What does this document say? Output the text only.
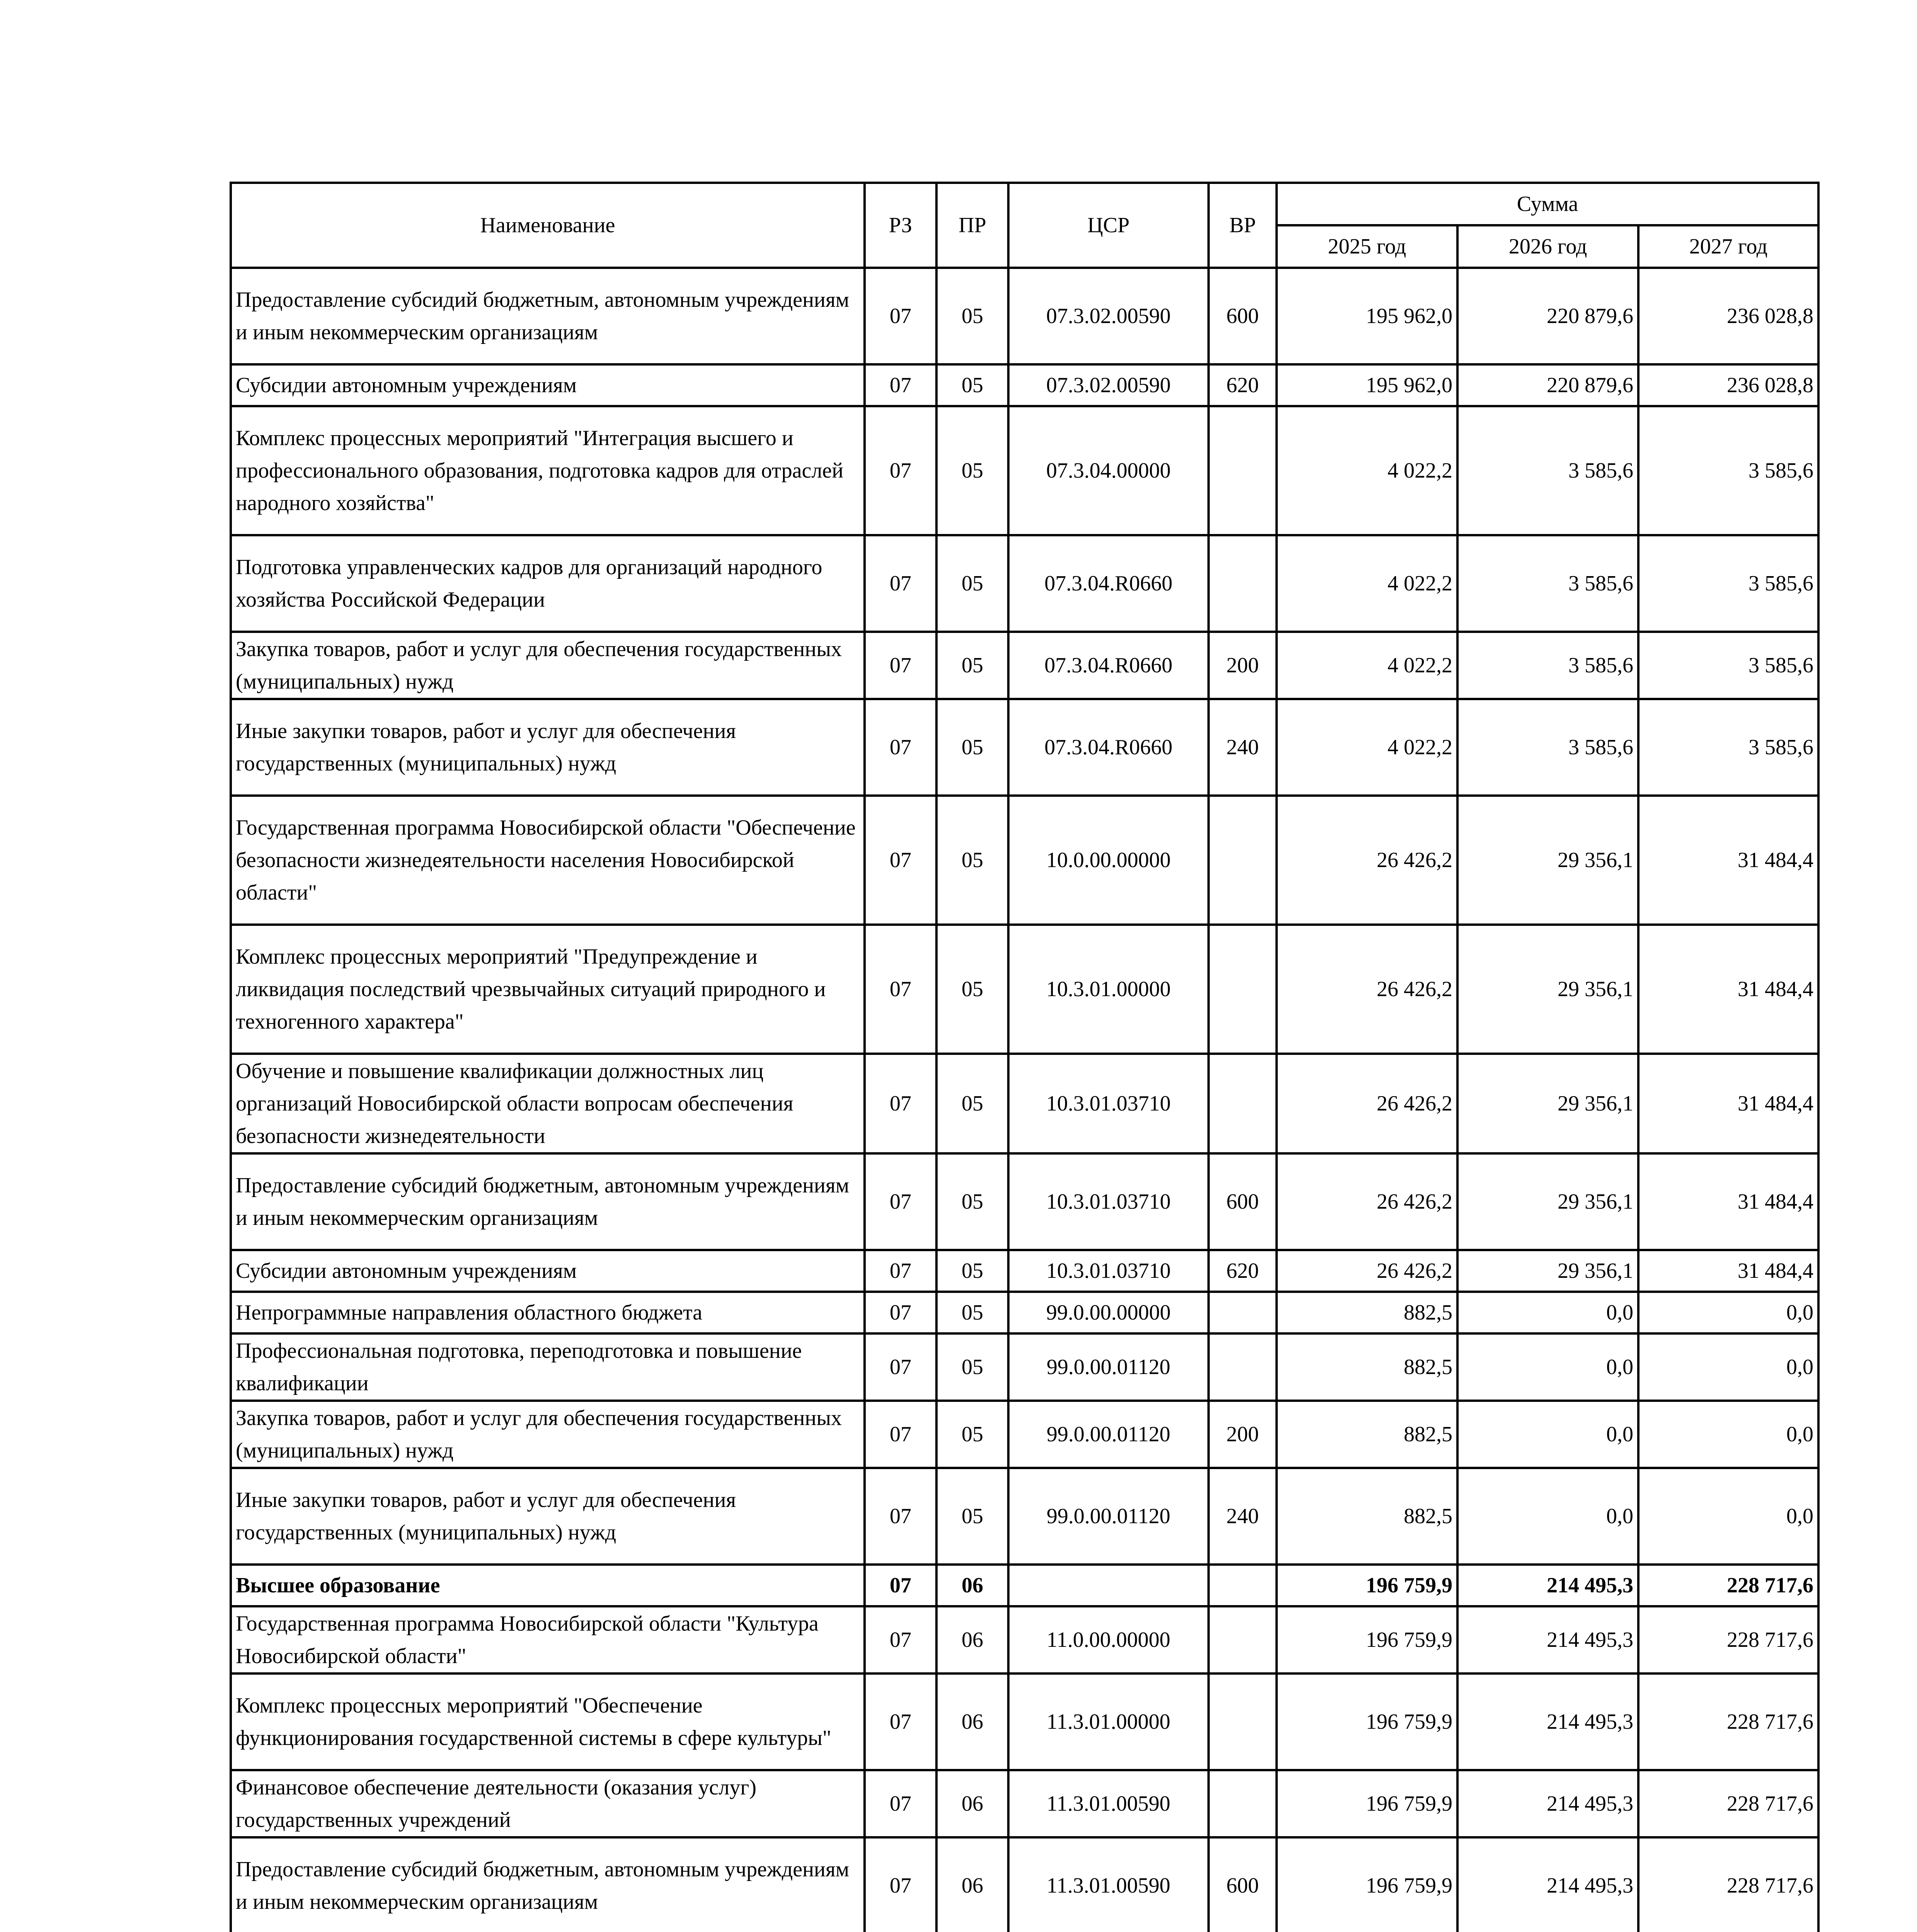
Наименование	РЗ	ПР	ЦСР	ВР	Сумма		
					2025 год	2026 год	2027 год
Предоставление субсидий бюджетным, автономным учреждениям и иным некоммерческим организациям	07	05	07.3.02.00590	600	195 962,0	220 879,6	236 028,8
Субсидии автономным учреждениям	07	05	07.3.02.00590	620	195 962,0	220 879,6	236 028,8
Комплекс процессных мероприятий "Интеграция высшего и профессионального образования, подготовка кадров для отраслей народного хозяйства"	07	05	07.3.04.00000		4 022,2	3 585,6	3 585,6
Подготовка управленческих кадров для организаций народного хозяйства Российской Федерации	07	05	07.3.04.R0660		4 022,2	3 585,6	3 585,6
Закупка товаров, работ и услуг для обеспечения государственных (муниципальных) нужд	07	05	07.3.04.R0660	200	4 022,2	3 585,6	3 585,6
Иные закупки товаров, работ и услуг для обеспечения государственных (муниципальных) нужд	07	05	07.3.04.R0660	240	4 022,2	3 585,6	3 585,6
Государственная программа Новосибирской области "Обеспечение безопасности жизнедеятельности населения Новосибирской области"	07	05	10.0.00.00000		26 426,2	29 356,1	31 484,4
Комплекс процессных мероприятий "Предупреждение и ликвидация последствий чрезвычайных ситуаций природного и техногенного характера"	07	05	10.3.01.00000		26 426,2	29 356,1	31 484,4
Обучение и повышение квалификации должностных лиц организаций Новосибирской области вопросам обеспечения безопасности жизнедеятельности	07	05	10.3.01.03710		26 426,2	29 356,1	31 484,4
Предоставление субсидий бюджетным, автономным учреждениям и иным некоммерческим организациям	07	05	10.3.01.03710	600	26 426,2	29 356,1	31 484,4
Субсидии автономным учреждениям	07	05	10.3.01.03710	620	26 426,2	29 356,1	31 484,4
Непрограммные направления областного бюджета	07	05	99.0.00.00000		882,5	0,0	0,0
Профессиональная подготовка, переподготовка и повышение квалификации	07	05	99.0.00.01120		882,5	0,0	0,0
Закупка товаров, работ и услуг для обеспечения государственных (муниципальных) нужд	07	05	99.0.00.01120	200	882,5	0,0	0,0
Иные закупки товаров, работ и услуг для обеспечения государственных (муниципальных) нужд	07	05	99.0.00.01120	240	882,5	0,0	0,0
Высшее образование	07	06			196 759,9	214 495,3	228 717,6
Государственная программа Новосибирской области "Культура Новосибирской области"	07	06	11.0.00.00000		196 759,9	214 495,3	228 717,6
Комплекс процессных мероприятий "Обеспечение функционирования государственной системы в сфере культуры"	07	06	11.3.01.00000		196 759,9	214 495,3	228 717,6
Финансовое обеспечение деятельности (оказания услуг) государственных учреждений	07	06	11.3.01.00590		196 759,9	214 495,3	228 717,6
Предоставление субсидий бюджетным, автономным учреждениям и иным некоммерческим организациям	07	06	11.3.01.00590	600	196 759,9	214 495,3	228 717,6
